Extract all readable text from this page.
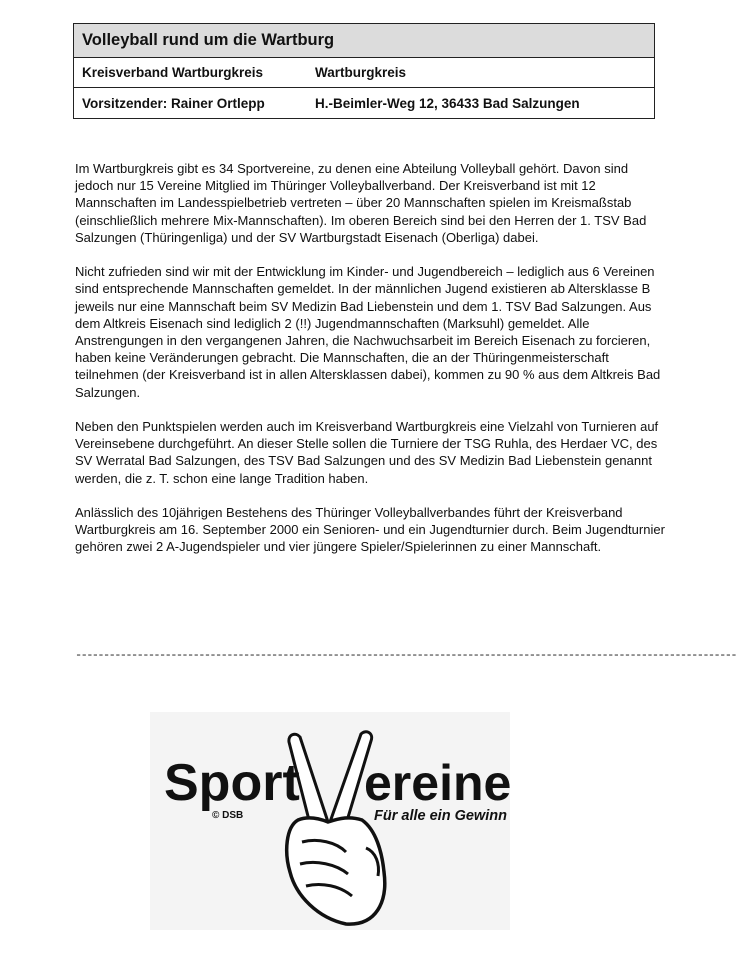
Volleyball rund um die Wartburg
Kreisverband Wartburgkreis	Wartburgkreis
Vorsitzender: Rainer Ortlepp	H.-Beimler-Weg 12, 36433 Bad Salzungen

Im Wartburgkreis gibt es 34 Sportvereine, zu denen eine Abteilung Volleyball gehört. Davon sind jedoch nur 15 Vereine Mitglied im Thüringer Volleyballverband. Der Kreisverband ist mit 12 Mannschaften im Landesspielbetrieb vertreten – über 20 Mannschaften spielen im Kreismaßstab (einschließlich mehrere Mix-Mannschaften). Im oberen Bereich sind bei den Herren der 1. TSV Bad Salzungen (Thüringenliga) und der SV Wartburgstadt Eisenach (Oberliga) dabei.

Nicht zufrieden sind wir mit der Entwicklung im Kinder- und Jugendbereich – lediglich aus 6 Vereinen sind entsprechende Mannschaften gemeldet. In der männlichen Jugend existieren ab Altersklasse B jeweils nur eine Mannschaft beim SV Medizin Bad Liebenstein und dem 1. TSV Bad Salzungen. Aus dem Altkreis Eisenach sind lediglich 2 (!!) Jugendmannschaften (Marksuhl) gemeldet. Alle Anstrengungen in den vergangenen Jahren, die Nachwuchsarbeit im Bereich Eisenach zu forcieren, haben keine Veränderungen gebracht. Die Mannschaften, die an der Thüringenmeisterschaft teilnehmen (der Kreisverband ist in allen Altersklassen dabei), kommen zu 90 % aus dem Altkreis Bad Salzungen.

Neben den Punktspielen werden auch im Kreisverband Wartburgkreis eine Vielzahl von Turnieren auf Vereinsebene durchgeführt. An dieser Stelle sollen die Turniere der TSG Ruhla, des Herdaer VC, des SV Werratal Bad Salzungen, des TSV Bad Salzungen und des SV Medizin Bad Liebenstein genannt werden, die z. T. schon eine lange Tradition haben.

Anlässlich des 10jährigen Bestehens des Thüringer Volleyballverbandes führt der Kreisverband Wartburgkreis am 16. September 2000 ein Senioren- und ein Jugendturnier durch. Beim Jugendturnier gehören zwei 2 A-Jugendspieler und vier jüngere Spieler/Spielerinnen zu einer Mannschaft.

----------------------------------------------------------------------------------------------------------------------
Sport ereine
© DSB	Für alle ein Gewinn
